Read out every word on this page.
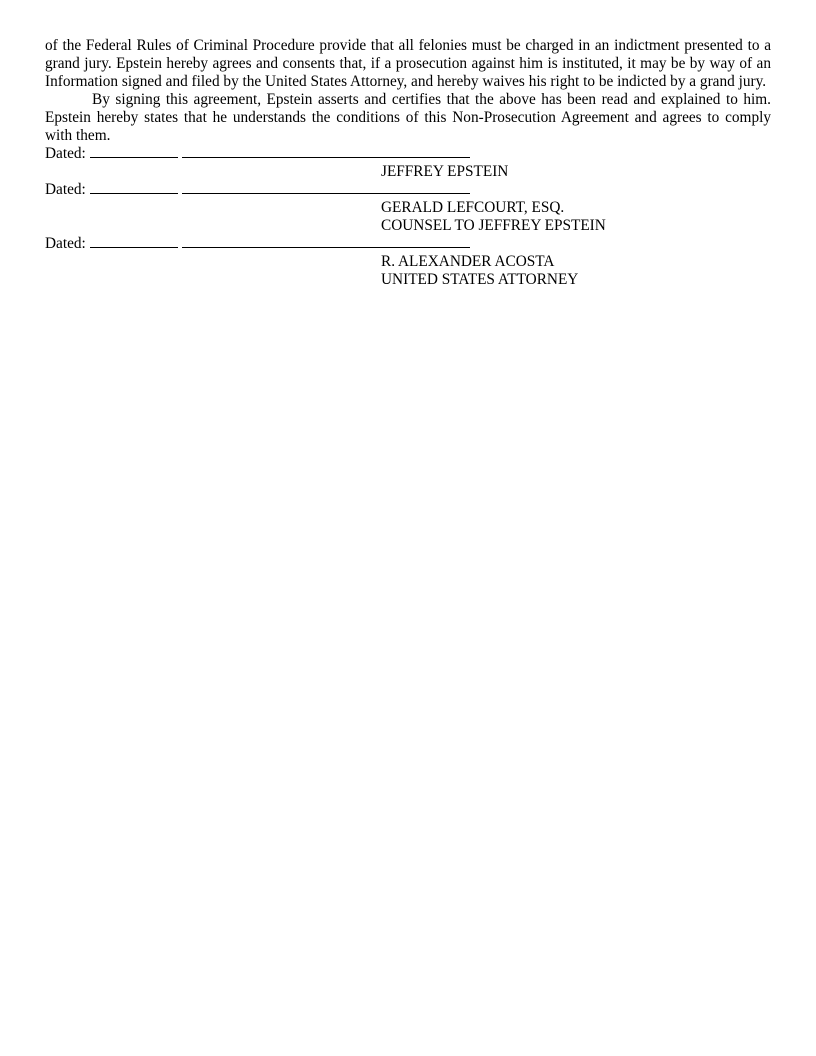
of the Federal Rules of Criminal Procedure provide that all felonies must be charged in an indictment presented to a grand jury. Epstein hereby agrees and consents that, if a prosecution against him is instituted, it may be by way of an Information signed and filed by the United States Attorney, and hereby waives his right to be indicted by a grand jury.

By signing this agreement, Epstein asserts and certifies that the above has been read and explained to him. Epstein hereby states that he understands the conditions of this Non-Prosecution Agreement and agrees to comply with them.

Dated:
JEFFREY EPSTEIN
Dated:
GERALD LEFCOURT, ESQ.
COUNSEL TO JEFFREY EPSTEIN
Dated:
R. ALEXANDER ACOSTA
UNITED STATES ATTORNEY
